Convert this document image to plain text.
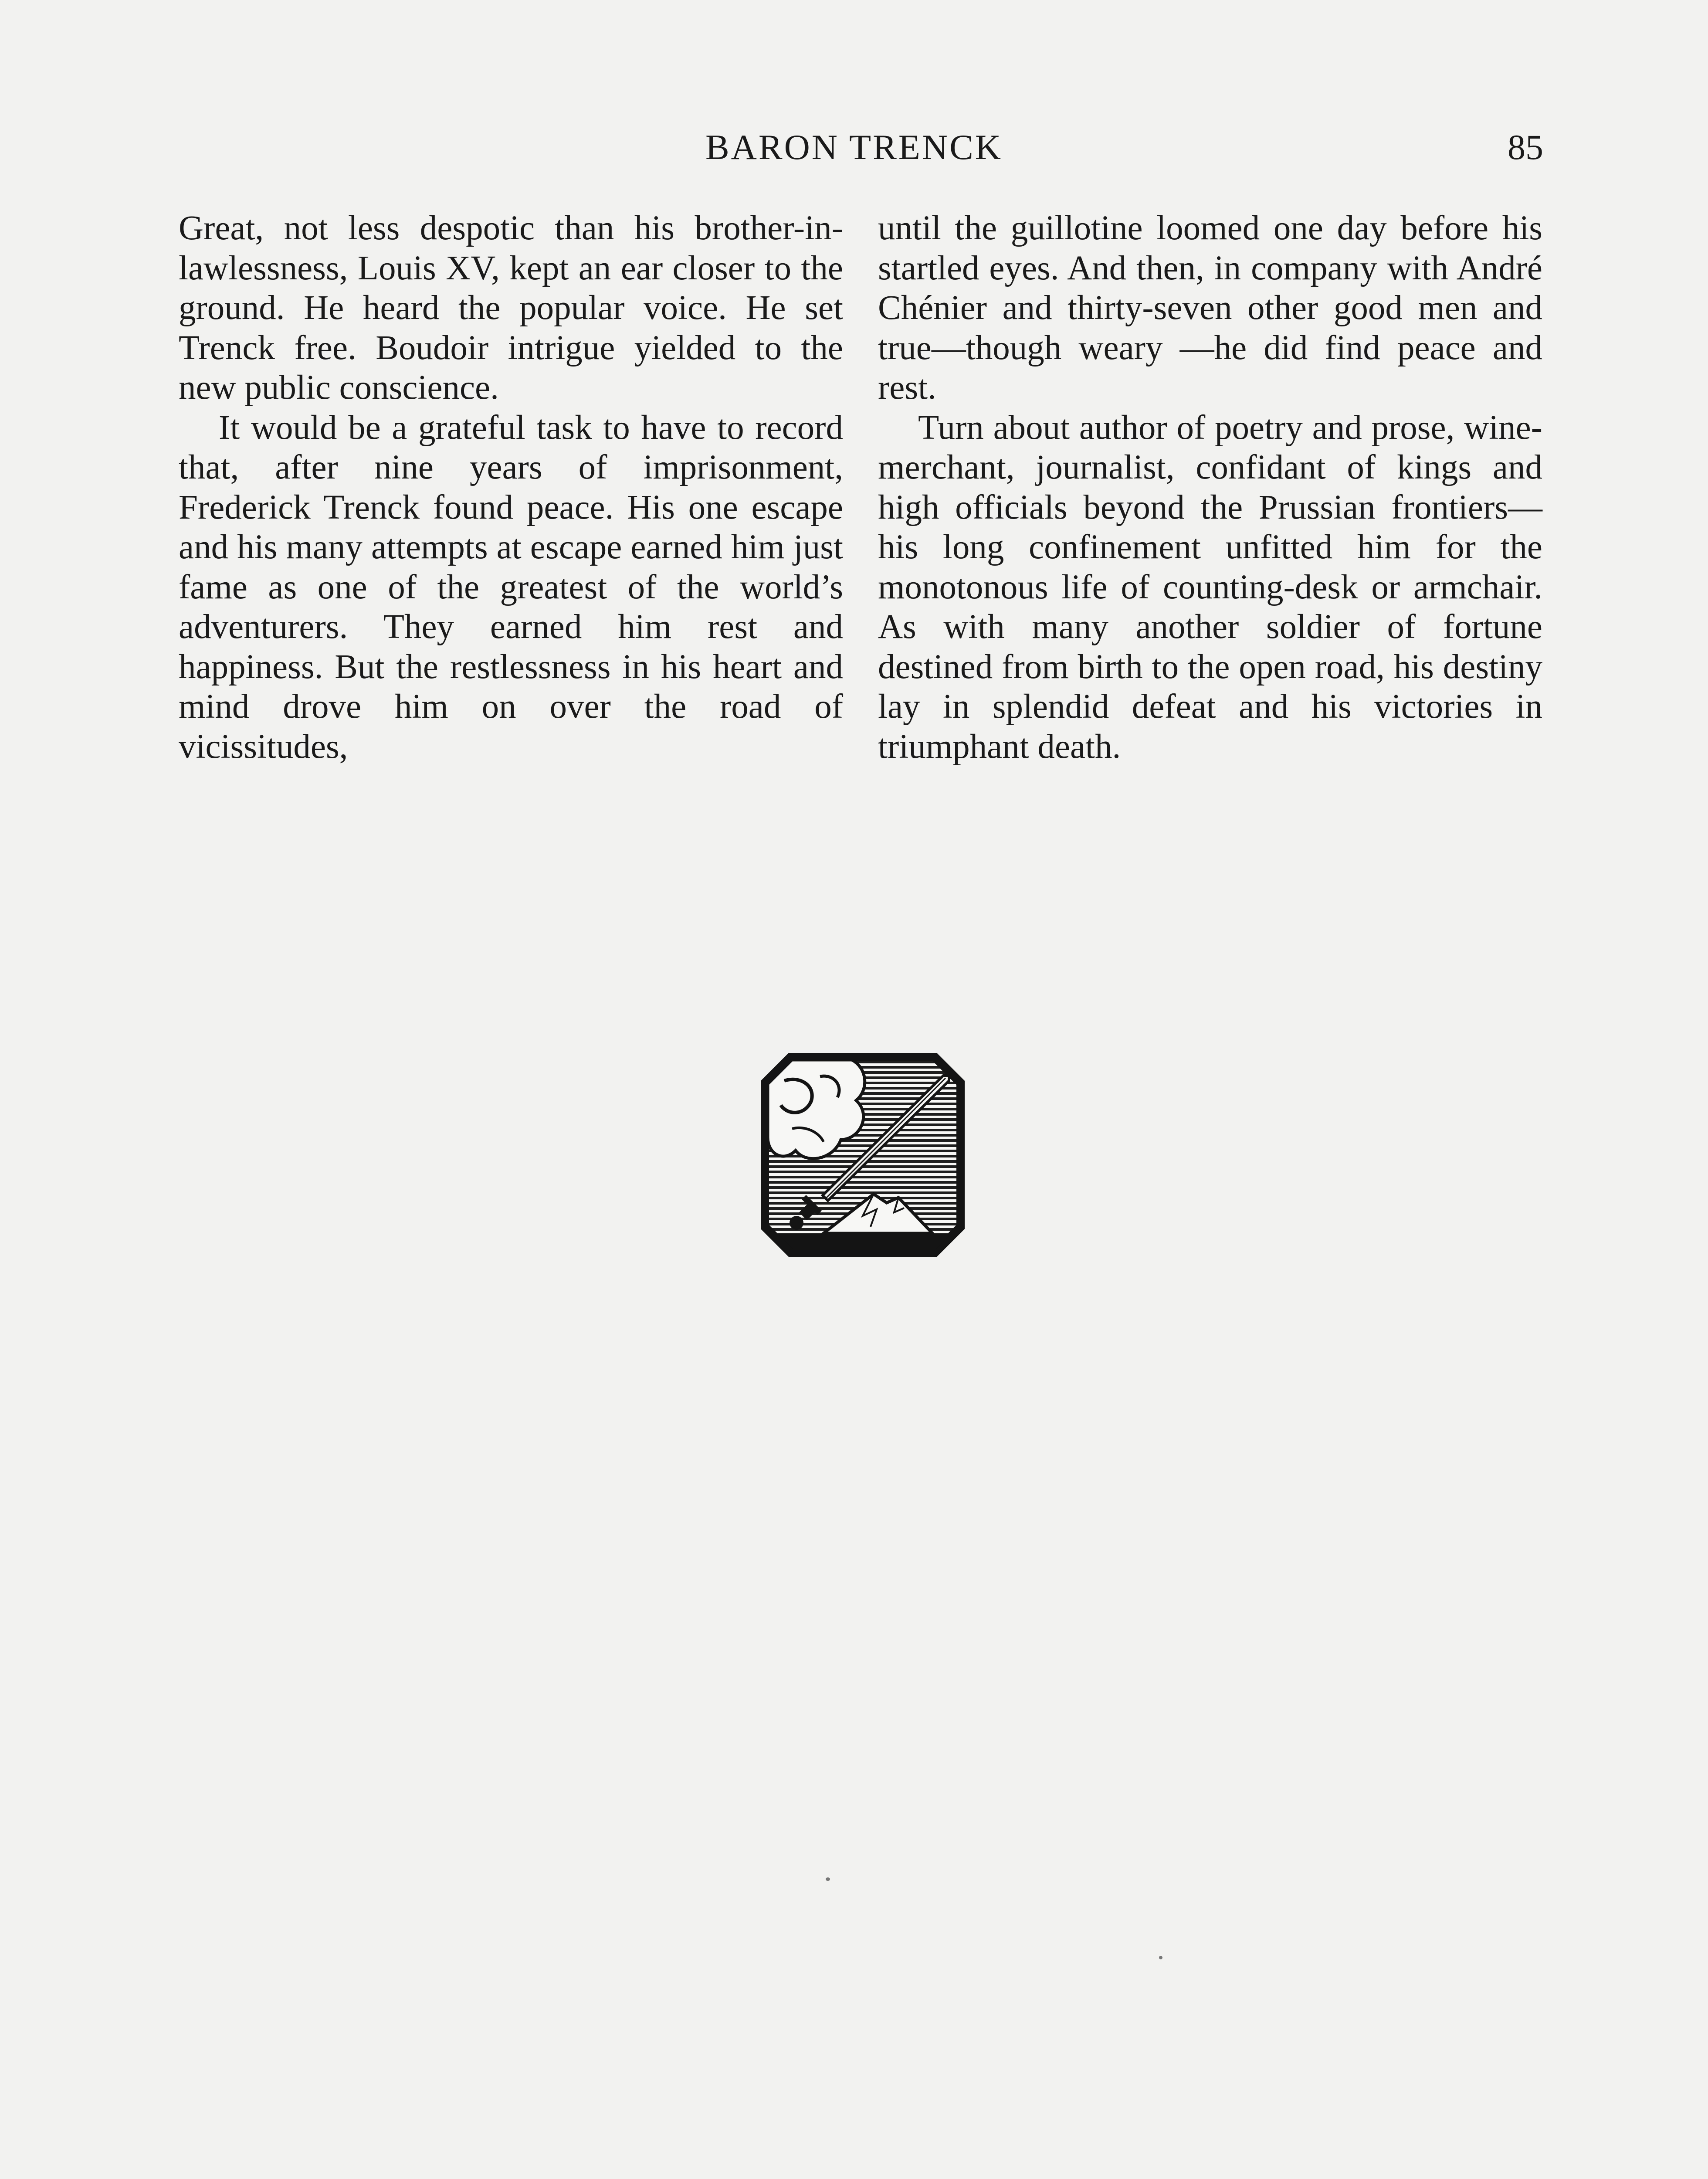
BARON TRENCK	85

Great, not less despotic than his brother-in-lawlessness, Louis XV, kept an ear closer to the ground. He heard the popular voice. He set Trenck free. Boudoir intrigue yielded to the new public conscience.

It would be a grateful task to have to record that, after nine years of imprisonment, Frederick Trenck found peace. His one escape and his many attempts at escape earned him just fame as one of the greatest of the world’s adventurers. They earned him rest and happiness. But the restlessness in his heart and mind drove him on over the road of vicissitudes,

until the guillotine loomed one day before his startled eyes. And then, in company with André Chénier and thirty-seven other good men and true—though weary —he did find peace and rest.

Turn about author of poetry and prose, wine-merchant, journalist, confidant of kings and high officials beyond the Prussian frontiers—his long confinement unfitted him for the monotonous life of counting-desk or armchair. As with many another soldier of fortune destined from birth to the open road, his destiny lay in splendid defeat and his victories in triumphant death.
